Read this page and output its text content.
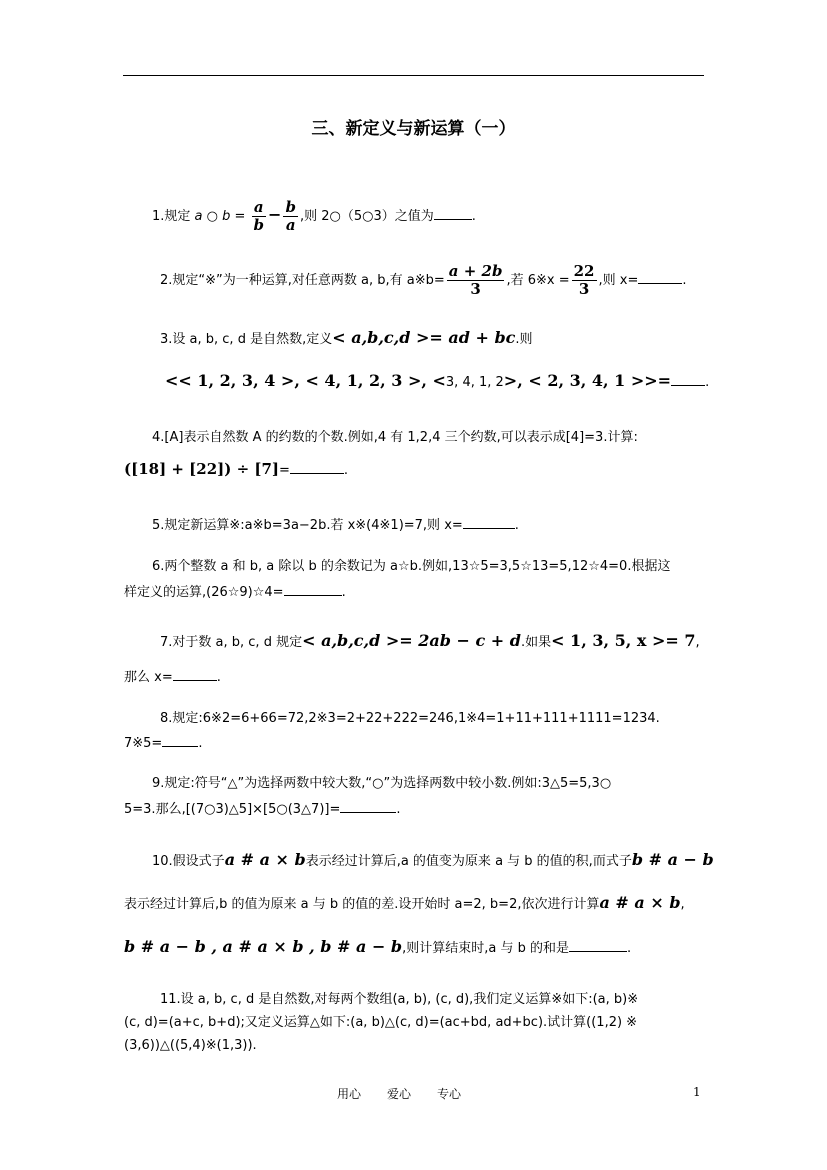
三、新定义与新运算（一）
1.规定 a ○ $b = \frac{a}{b} - \frac{b}{a}$ ,则 2○（5○3）之值为	.
2.规定“※”为一种运算,对任意两数 a, b,有 a※b= $\frac{a + 2b}{3}$ ,若 6※x = $\frac{22}{3}$ ,则 x=	.
3.设 a, b, c, d 是自然数,定义< a,b,c,d >= ad + bc.则
<< 1, 2, 3, 4 >, < 4, 1, 2, 3 >, <3, 4, 1, 2>, < 2, 3, 4, 1 >>=	.
4.[A]表示自然数 A 的约数的个数.例如,4 有 1,2,4 三个约数,可以表示成[4]=3.计算:
([18] + [22]) ÷ [7]=	.
5.规定新运算※:a※b=3a−2b.若 x※(4※1)=7,则 x=	.
6.两个整数 a 和 b, a 除以 b 的余数记为 a☆b.例如,13☆5=3,5☆13=5,12☆4=0.根据这
样定义的运算,(26☆9)☆4=	.
7.对于数 a, b, c, d 规定< a,b,c,d >= 2ab − c + d.如果< 1, 3, 5, x >= 7,
那么 x=	.
8.规定:6※2=6+66=72,2※3=2+22+222=246,1※4=1+11+111+1111=1234.
7※5=	.
9.规定:符号“△”为选择两数中较大数,“○”为选择两数中较小数.例如:3△5=5,3○
5=3.那么,[(7○3)△5]×[5○(3△7)]=	.
10.假设式子a # a × b表示经过计算后,a 的值变为原来 a 与 b 的值的积,而式子b # a − b
表示经过计算后,b 的值为原来 a 与 b 的值的差.设开始时 a=2, b=2,依次进行计算a # a × b,
b # a − b , a # a × b , b # a − b,则计算结束时,a 与 b 的和是	.
11.设 a, b, c, d 是自然数,对每两个数组(a, b), (c, d),我们定义运算※如下:(a, b)※
(c, d)=(a+c, b+d);又定义运算△如下:(a, b)△(c, d)=(ac+bd, ad+bc).试计算((1,2) ※
(3,6))△((5,4)※(1,3)).
用心 爱心 专心	1
